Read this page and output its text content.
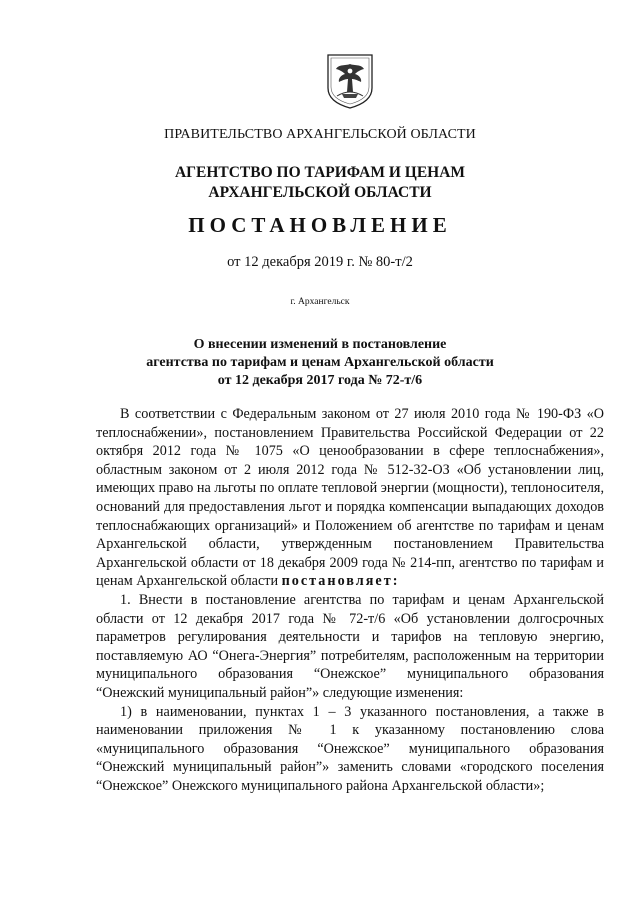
ПРАВИТЕЛЬСТВО АРХАНГЕЛЬСКОЙ ОБЛАСТИ
АГЕНТСТВО ПО ТАРИФАМ И ЦЕНАМ
АРХАНГЕЛЬСКОЙ ОБЛАСТИ
ПОСТАНОВЛЕНИЕ
от 12 декабря 2019 г. № 80-т/2
г. Архангельск
О внесении изменений в постановление
агентства по тарифам и ценам Архангельской области
от 12 декабря 2017 года № 72-т/6

В соответствии с Федеральным законом от 27 июля 2010 года № 190-ФЗ «О теплоснабжении», постановлением Правительства Российской Федерации от 22 октября 2012 года № 1075 «О ценообразовании в сфере теплоснабжения», областным законом от 2 июля 2012 года № 512-32-ОЗ «Об установлении лиц, имеющих право на льготы по оплате тепловой энергии (мощности), теплоносителя, оснований для предоставления льгот и порядка компенсации выпадающих доходов теплоснабжающих организаций» и Положением об агентстве по тарифам и ценам Архангельской области, утвержденным постановлением Правительства Архангельской области от 18 декабря 2009 года № 214-пп, агентство по тарифам и ценам Архангельской области постановляет:

1. Внести в постановление агентства по тарифам и ценам Архангельской области от 12 декабря 2017 года № 72-т/6 «Об установлении долгосрочных параметров регулирования деятельности и тарифов на тепловую энергию, поставляемую АО “Онега-Энергия” потребителям, расположенным на территории муниципального образования “Онежское” муниципального образования “Онежский муниципальный район”» следующие изменения:

1) в наименовании, пунктах 1 – 3 указанного постановления, а также в наименовании приложения № 1 к указанному постановлению слова «муниципального образования “Онежское” муниципального образования “Онежский муниципальный район”» заменить словами «городского поселения “Онежское” Онежского муниципального района Архангельской области»;
